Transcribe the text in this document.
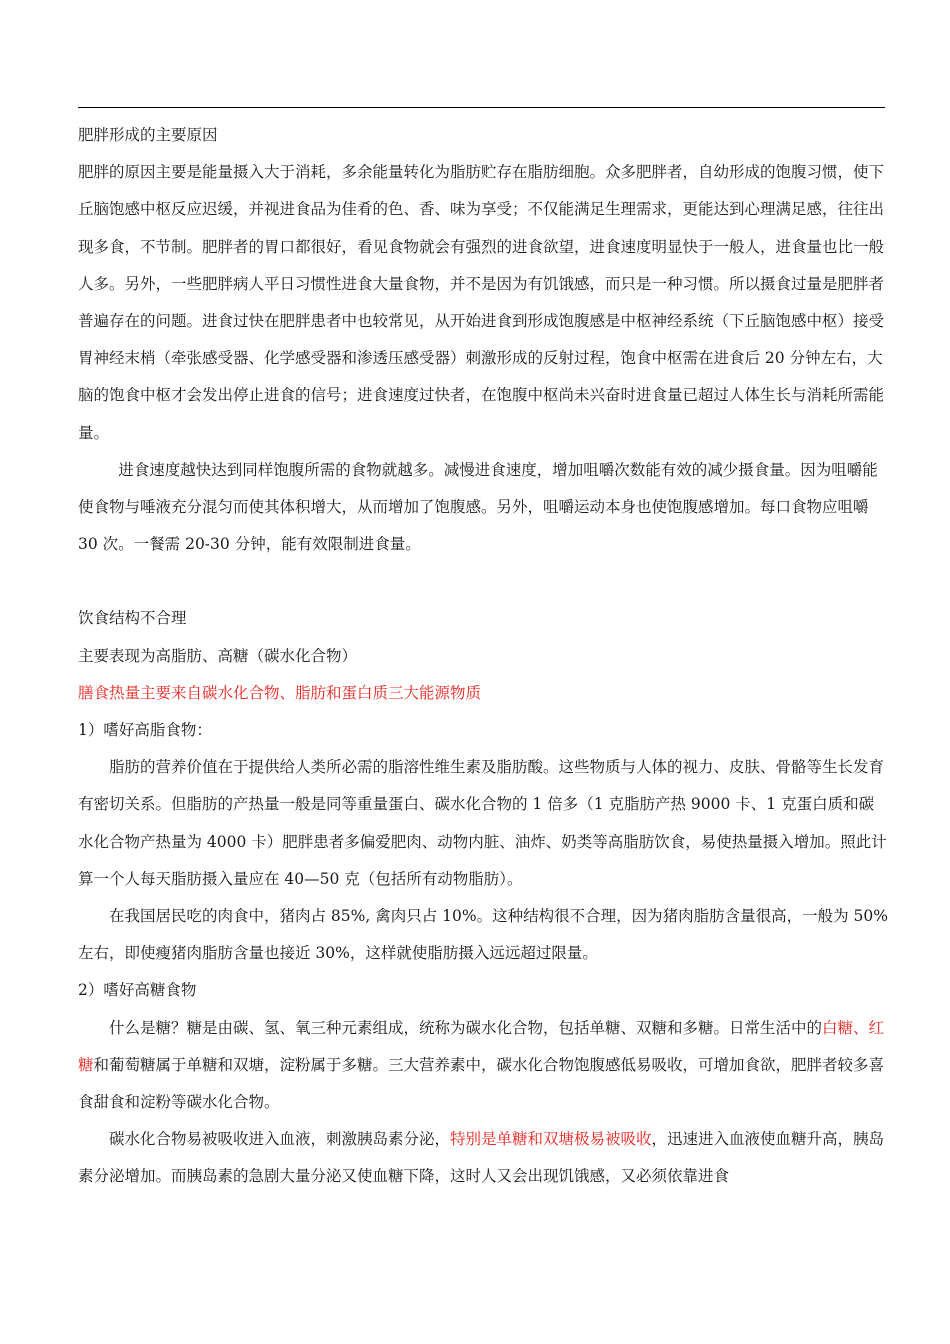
肥胖形成的主要原因

肥胖的原因主要是能量摄入大于消耗，多余能量转化为脂肪贮存在脂肪细胞。众多肥胖者，自幼形成的饱腹习惯，使下丘脑饱感中枢反应迟缓，并视进食品为佳肴的色、香、味为享受；不仅能满足生理需求，更能达到心理满足感，往往出现多食，不节制。肥胖者的胃口都很好，看见食物就会有强烈的进食欲望，进食速度明显快于一般人，进食量也比一般人多。另外，一些肥胖病人平日习惯性进食大量食物，并不是因为有饥饿感，而只是一种习惯。所以摄食过量是肥胖者普遍存在的问题。进食过快在肥胖患者中也较常见，从开始进食到形成饱腹感是中枢神经系统（下丘脑饱感中枢）接受胃神经末梢（牵张感受器、化学感受器和渗透压感受器）刺激形成的反射过程，饱食中枢需在进食后 20 分钟左右，大脑的饱食中枢才会发出停止进食的信号；进食速度过快者，在饱腹中枢尚未兴奋时进食量已超过人体生长与消耗所需能量。

进食速度越快达到同样饱腹所需的食物就越多。减慢进食速度，增加咀嚼次数能有效的减少摄食量。因为咀嚼能使食物与唾液充分混匀而使其体积增大，从而增加了饱腹感。另外，咀嚼运动本身也使饱腹感增加。每口食物应咀嚼 30 次。一餐需 20-30 分钟，能有效限制进食量。

饮食结构不合理

主要表现为高脂肪、高糖（碳水化合物）

膳食热量主要来自碳水化合物、脂肪和蛋白质三大能源物质

1）嗜好高脂食物：

脂肪的营养价值在于提供给人类所必需的脂溶性维生素及脂肪酸。这些物质与人体的视力、皮肤、骨骼等生长发育有密切关系。但脂肪的产热量一般是同等重量蛋白、碳水化合物的 1 倍多（1 克脂肪产热 9000 卡、1 克蛋白质和碳水化合物产热量为 4000 卡）肥胖患者多偏爱肥肉、动物内脏、油炸、奶类等高脂肪饮食，易使热量摄入增加。照此计算一个人每天脂肪摄入量应在 40—50 克（包括所有动物脂肪）。

在我国居民吃的肉食中，猪肉占 85%, 禽肉只占 10%。这种结构很不合理，因为猪肉脂肪含量很高，一般为 50%左右，即使瘦猪肉脂肪含量也接近 30%，这样就使脂肪摄入远远超过限量。

2）嗜好高糖食物

什么是糖？糖是由碳、氢、氧三种元素组成，统称为碳水化合物，包括单糖、双糖和多糖。日常生活中的白糖、红糖和葡萄糖属于单糖和双塘，淀粉属于多糖。三大营养素中，碳水化合物饱腹感低易吸收，可增加食欲，肥胖者较多喜食甜食和淀粉等碳水化合物。

碳水化合物易被吸收进入血液，刺激胰岛素分泌，特别是单糖和双塘极易被吸收，迅速进入血液使血糖升高，胰岛素分泌增加。而胰岛素的急剧大量分泌又使血糖下降，这时人又会出现饥饿感，又必须依靠进食
